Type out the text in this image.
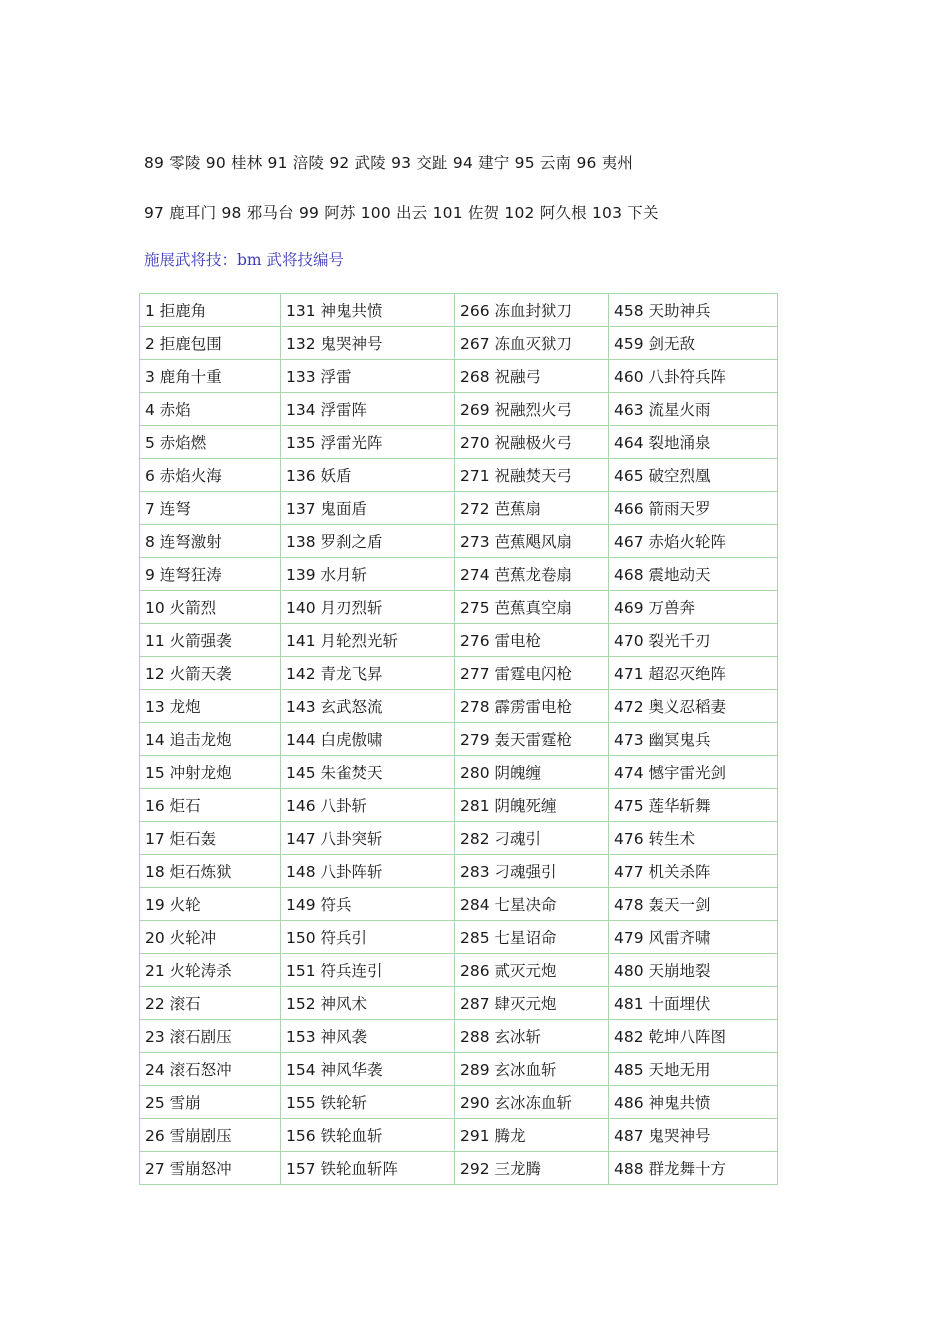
89 零陵 90 桂林 91 涪陵 92 武陵 93 交趾 94 建宁 95 云南 96 夷州
97 鹿耳门 98 邪马台 99 阿苏 100 出云 101 佐贺 102 阿久根 103 下关
施展武将技：bm 武将技编号
1 拒鹿角	131 神鬼共愤	266 冻血封狱刀	458 天助神兵
2 拒鹿包围	132 鬼哭神号	267 冻血灭狱刀	459 剑无敌
3 鹿角十重	133 浮雷	268 祝融弓	460 八卦符兵阵
4 赤焰	134 浮雷阵	269 祝融烈火弓	463 流星火雨
5 赤焰燃	135 浮雷光阵	270 祝融极火弓	464 裂地涌泉
6 赤焰火海	136 妖盾	271 祝融焚天弓	465 破空烈凰
7 连弩	137 鬼面盾	272 芭蕉扇	466 箭雨天罗
8 连弩激射	138 罗刹之盾	273 芭蕉飓风扇	467 赤焰火轮阵
9 连弩狂涛	139 水月斩	274 芭蕉龙卷扇	468 震地动天
10 火箭烈	140 月刃烈斩	275 芭蕉真空扇	469 万兽奔
11 火箭强袭	141 月轮烈光斩	276 雷电枪	470 裂光千刃
12 火箭天袭	142 青龙飞昇	277 雷霆电闪枪	471 超忍灭绝阵
13 龙炮	143 玄武怒流	278 霹雳雷电枪	472 奥义忍稻妻
14 追击龙炮	144 白虎傲啸	279 轰天雷霆枪	473 幽冥鬼兵
15 冲射龙炮	145 朱雀焚天	280 阴魄缠	474 憾宇雷光剑
16 炬石	146 八卦斩	281 阴魄死缠	475 莲华斩舞
17 炬石轰	147 八卦突斩	282 刁魂引	476 转生术
18 炬石炼狱	148 八卦阵斩	283 刁魂强引	477 机关杀阵
19 火轮	149 符兵	284 七星决命	478 轰天一剑
20 火轮冲	150 符兵引	285 七星诏命	479 风雷齐啸
21 火轮涛杀	151 符兵连引	286 贰灭元炮	480 天崩地裂
22 滚石	152 神风术	287 肆灭元炮	481 十面埋伏
23 滚石剧压	153 神风袭	288 玄冰斩	482 乾坤八阵图
24 滚石怒冲	154 神风华袭	289 玄冰血斩	485 天地无用
25 雪崩	155 铁轮斩	290 玄冰冻血斩	486 神鬼共愤
26 雪崩剧压	156 铁轮血斩	291 腾龙	487 鬼哭神号
27 雪崩怒冲	157 铁轮血斩阵	292 三龙腾	488 群龙舞十方
